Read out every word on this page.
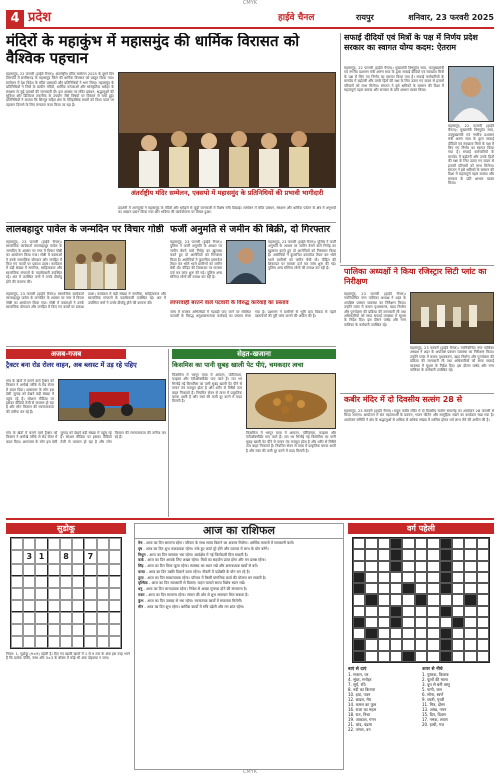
CMYK
4 प्रदेश	हाईवे चैनल	रायपुर	शनिवार, 23 फरवरी 2025
मंदिरों के महाकुंभ में महासमुंद की धार्मिक विरासत को वैश्विक पहचान
महासमुंद, 22 फरवरी (हाईवे चैनल)। अंतर्राष्ट्रीय मंदिर सम्मेलन 2025 के दूसरे दिन तिरुपति में छत्तीसगढ़ के महासमुंद जिले की धार्मिक विरासत को प्रस्तुत किया गया। सम्मेलन में देश विदेश के मंदिर प्रबंधकों और प्रतिनिधियों ने भाग लिया। महासमुंद के प्रतिनिधियों ने जिले के प्राचीन मंदिरों, धार्मिक परंपराओं और सांस्कृतिक धरोहर के संरक्षण से जुड़े प्रयासों की जानकारी दी। इस अवसर पर मंदिर प्रबंधन, श्रद्धालुओं की सुविधा और डिजिटल तकनीक के उपयोग जैसे विषयों पर विस्तार से चर्चा हुई। प्रतिनिधियों ने बताया कि सिरपुर सहित क्षेत्र के ऐतिहासिक स्थलों को विश्व पटल पर पहचान दिलाने के लिए लगातार काम किया जा रहा है।
अंतर्राष्ट्रीय मंदिर सम्मेलन, एक्सपो में महासमुंद के प्रतिनिधियों की प्रभावी भागीदारी
प्रदर्शनी में आगंतुकों ने महासमुंद के मंदिरों और धरोहरों से जुड़ी जानकारी में विशेष रुचि दिखाई। सम्मेलन में मंदिर प्रबंधन, संरक्षण और धार्मिक पर्यटन के क्षेत्र में अनुभवों का आदान प्रदान किया गया और भविष्य की कार्ययोजना पर विचार हुआ।
सफाई दीदियों एवं मित्रों के पक्ष में निर्णय प्रदेश सरकार का स्वागत योग्य कदम: ऐतराम
महासमुंद, 22 फरवरी (हाईवे चैनल)। मुख्यमंत्री विष्णुदेव साय, उपमुख्यमंत्री एवं नगरीय प्रशासन मंत्री अरुण साव के द्वारा सफाई दीदियों एवं स्वच्छता मित्रों के पक्ष में लिए गए निर्णय का स्वागत किया गया है। सफाई कर्मचारियों के मानदेय में बढ़ोतरी और उनके हितों की रक्षा के लिए उठाए गए कदम से हजारों परिवारों को लाभ मिलेगा। संगठन ने इसे श्रमिकों के सम्मान की दिशा में महत्वपूर्ण पहल बताया और सरकार के प्रति आभार व्यक्त किया।
महासमुंद, 22 फरवरी (हाईवे चैनल)। मुख्यमंत्री विष्णुदेव साय, उपमुख्यमंत्री एवं नगरीय प्रशासन मंत्री अरुण साव के द्वारा सफाई दीदियों एवं स्वच्छता मित्रों के पक्ष में लिए गए निर्णय का स्वागत किया गया है। सफाई कर्मचारियों के मानदेय में बढ़ोतरी और उनके हितों की रक्षा के लिए उठाए गए कदम से हजारों परिवारों को लाभ मिलेगा। संगठन ने इसे श्रमिकों के सम्मान की दिशा में महत्वपूर्ण पहल बताया और सरकार के प्रति आभार व्यक्त किया।
लालबहादुर पावेल के जन्मदिन पर विचार गोष्ठी फर्जी अनुमति से जमीन की बिक्री, दो गिरफ्तार
महासमुंद, 23 फरवरी (हाईवे चैनल)। सामाजिक कार्यकर्ता लालबहादुर पावेल के जन्मदिन के अवसर पर नगर में विचार गोष्ठी का आयोजन किया गया। गोष्ठी में वक्ताओं ने उनके सामाजिक योगदान और जनहित में किए गए कार्यों पर प्रकाश डाला। कार्यक्रम में बड़ी संख्या में नागरिक, साहित्यकार और सामाजिक संगठनों के पदाधिकारी उपस्थित रहे। अंत में उपस्थित जनों ने उनके दीर्घायु होने की कामना की।
महासमुंद, 23 फरवरी (हाईवे चैनल)। सामाजिक कार्यकर्ता लालबहादुर पावेल के जन्मदिन के अवसर पर नगर में विचार गोष्ठी का आयोजन किया गया। गोष्ठी में वक्ताओं ने उनके सामाजिक योगदान और जनहित में किए गए कार्यों पर प्रकाश डाला। कार्यक्रम में बड़ी संख्या में नागरिक, साहित्यकार और सामाजिक संगठनों के पदाधिकारी उपस्थित रहे। अंत में उपस्थित जनों ने उनके दीर्घायु होने की कामना की।
महासमुंद, 23 फरवरी (हाईवे चैनल)। पुलिस ने फर्जी अनुमति के आधार पर जमीन बेचने वाले गिरोह का खुलासा करते हुए दो आरोपियों को गिरफ्तार किया है। आरोपियों ने कूटरचित दस्तावेज तैयार कर भोले भाले ग्रामीणों को जमीन बेची थी। पीड़ित की शिकायत पर मामला दर्ज कर जांच शुरू की गई। पुलिस अन्य संलिप्त लोगों की तलाश कर रही है।
महासमुंद, 23 फरवरी (हाईवे चैनल)। पुलिस ने फर्जी अनुमति के आधार पर जमीन बेचने वाले गिरोह का खुलासा करते हुए दो आरोपियों को गिरफ्तार किया है। आरोपियों ने कूटरचित दस्तावेज तैयार कर भोले भाले ग्रामीणों को जमीन बेची थी। पीड़ित की शिकायत पर मामला दर्ज कर जांच शुरू की गई। पुलिस अन्य संलिप्त लोगों की तलाश कर रही है।
लापरवाही बरतने वाले पटवारी के विरुद्ध कार्रवाई का प्रस्ताव
जांच में राजस्व अभिलेखों में गड़बड़ी पाए जाने पर संबंधित पटवारी के विरुद्ध अनुशासनात्मक कार्रवाई का प्रस्ताव भेजा गया है। प्रशासन ने ग्रामीणों से भूमि क्रय विक्रय से पहले दस्तावेजों की पूरी जांच कराने की अपील की है।
पालिका अध्यक्षों ने किया रजिस्ट्रार सिटी प्लांट का निरीक्षण
महासमुंद, 23 फरवरी (हाईवे चैनल)। नवनिर्वाचित नगर पालिका अध्यक्ष ने शहर के अपशिष्ट प्रबंधन व्यवस्था का निरीक्षण किया। उन्होंने प्लांट में कचरा पृथक्करण, खाद निर्माण और पुनर्चक्रण की प्रक्रिया की जानकारी ली तथा अधिकारियों को साफ सफाई व्यवस्था में सुधार के निर्देश दिए। इस दौरान पार्षद और नगर पालिका के कर्मचारी उपस्थित रहे।
महासमुंद, 23 फरवरी (हाईवे चैनल)। नवनिर्वाचित नगर पालिका अध्यक्ष ने शहर के अपशिष्ट प्रबंधन व्यवस्था का निरीक्षण किया। उन्होंने प्लांट में कचरा पृथक्करण, खाद निर्माण और पुनर्चक्रण की प्रक्रिया की जानकारी ली तथा अधिकारियों को साफ सफाई व्यवस्था में सुधार के निर्देश दिए। इस दौरान पार्षद और नगर पालिका के कर्मचारी उपस्थित रहे।
कबीर मंदिर में दो दिवसीय सत्संग 28 से
महासमुंद, 23 फरवरी (हाईवे चैनल)। सद्गुरु कबीर मंदिर में दो दिवसीय सत्संग समारोह का आयोजन 28 फरवरी से किया जाएगा। आयोजन में संत महात्माओं के प्रवचन, भजन कीर्तन और सामूहिक भंडारे का कार्यक्रम रखा गया है। आयोजन समिति ने क्षेत्र के श्रद्धालुओं से अधिक से अधिक संख्या में शामिल होकर धर्म लाभ लेने की अपील की है।
अजब-गजब
ट्रैक्टर बना रोड रोलर वाहन, अब ब्लास्ट में उड़ रहे पहिए
गांव के खेतों में चलने वाले ट्रैक्टर को किसान ने अनोखे तरीके से रोड रोलर में बदल दिया। आसपास के लोग इस देसी जुगाड़ को देखने बड़ी संख्या में पहुंच रहे हैं। सोशल मीडिया पर इसका वीडियो तेजी से वायरल हो रहा है और लोग किसान की रचनात्मकता की तारीफ कर रहे हैं।
गांव के खेतों में चलने वाले ट्रैक्टर को किसान ने अनोखे तरीके से रोड रोलर में बदल दिया। आसपास के लोग इस देसी जुगाड़ को देखने बड़ी संख्या में पहुंच रहे हैं। सोशल मीडिया पर इसका वीडियो तेजी से वायरल हो रहा है और लोग किसान की रचनात्मकता की तारीफ कर रहे हैं।
सेहत-खजाना
किसमिस का पानी सुबह खाली पेट पीएं, चमकदार त्वचा
किसमिस में भरपूर मात्रा में आयरन, पोटैशियम, फाइबर और एंटीऑक्सीडेंट पाए जाते हैं। रात भर भिगोई गई किसमिस का पानी सुबह खाली पेट पीने से पाचन तंत्र मजबूत होता है और शरीर से विषैले तत्व बाहर निकलते हैं। नियमित सेवन से त्वचा में प्राकृतिक चमक आती है और रक्त की कमी दूर करने में मदद मिलती है।
किसमिस में भरपूर मात्रा में आयरन, पोटैशियम, फाइबर और एंटीऑक्सीडेंट पाए जाते हैं। रात भर भिगोई गई किसमिस का पानी सुबह खाली पेट पीने से पाचन तंत्र मजबूत होता है और शरीर से विषैले तत्व बाहर निकलते हैं। नियमित सेवन से त्वचा में प्राकृतिक चमक आती है और रक्त की कमी दूर करने में मदद मिलती है।
सुडोकू
3 1	8	7
नियम: 1. सुडोकू (9×9) पहेली है। दिए गए खाली खानों में 1 से 9 तक के अंक इस तरह भरने हैं कि प्रत्येक पंक्ति, स्तंभ और 3×3 के बॉक्स में कोई भी अंक दोहराया न जाए।
आज का राशिफल
मेष - आज का दिन सामान्य रहेगा। परिवार के साथ समय बिताने का अवसर मिलेगा। आर्थिक मामलों में सावधानी बरतें।
वृष - आज का दिन शुभ फलदायक रहेगा। रुके हुए कार्य पूरे होंगे और व्यापार में लाभ के योग बनेंगे।
मिथुन - आज का दिन व्यस्तता भरा रहेगा। कार्यक्षेत्र में नई जिम्मेदारी मिल सकती है।
कर्क - आज का दिन आपके लिए अच्छा रहेगा। मित्रों का सहयोग प्राप्त होगा और मन प्रसन्न रहेगा।
सिंह - आज का दिन मिला जुला रहेगा। स्वास्थ्य का ध्यान रखें और अनावश्यक खर्चों से बचें।
कन्या - आज का दिन उन्नति दिलाने वाला रहेगा। नौकरी में पदोन्नति के योग बन रहे हैं।
तुला - आज का दिन सकारात्मक रहेगा। परिवार में किसी मांगलिक कार्य की योजना बन सकती है।
वृश्चिक - आज का दिन सावधानी से बिताएं। वाहन चलाते समय विशेष ध्यान रखें।
धनु - आज का दिन लाभदायक रहेगा। निवेश से अच्छा मुनाफा होने की संभावना है।
मकर - आज का दिन सामान्य रहेगा। संतान की ओर से शुभ समाचार मिल सकता है।
कुंभ - आज का दिन उत्साह से भरा रहेगा। रचनात्मक कार्यों में सफलता मिलेगी।
मीन - आज का दिन शुभ रहेगा। धार्मिक कार्यों में रुचि बढ़ेगी और मन शांत रहेगा।
वर्ग पहेली
बाएं से दाएं
1. मकान, घर
4. सुंदर, मनोहर
7. सूर्य, रवि
8. नदी का किनारा
10. हवा, पवन
12. बादल, मेघ
14. कमल का फूल
16. राजा का महल
18. रात, निशा
19. आकाश, गगन
21. चांद, चंद्रमा
22. जंगल, वन
ऊपर से नीचे
1. पुस्तक, किताब
2. फूलों की माला
3. दूध से बनी वस्तु
5. पानी, जल
6. सोना, स्वर्ण
9. धरती, पृथ्वी
11. मित्र, दोस्त
13. आंख, नयन
15. दिन, दिवस
17. नमक, लवण
20. हाथी, गज
CMYK
